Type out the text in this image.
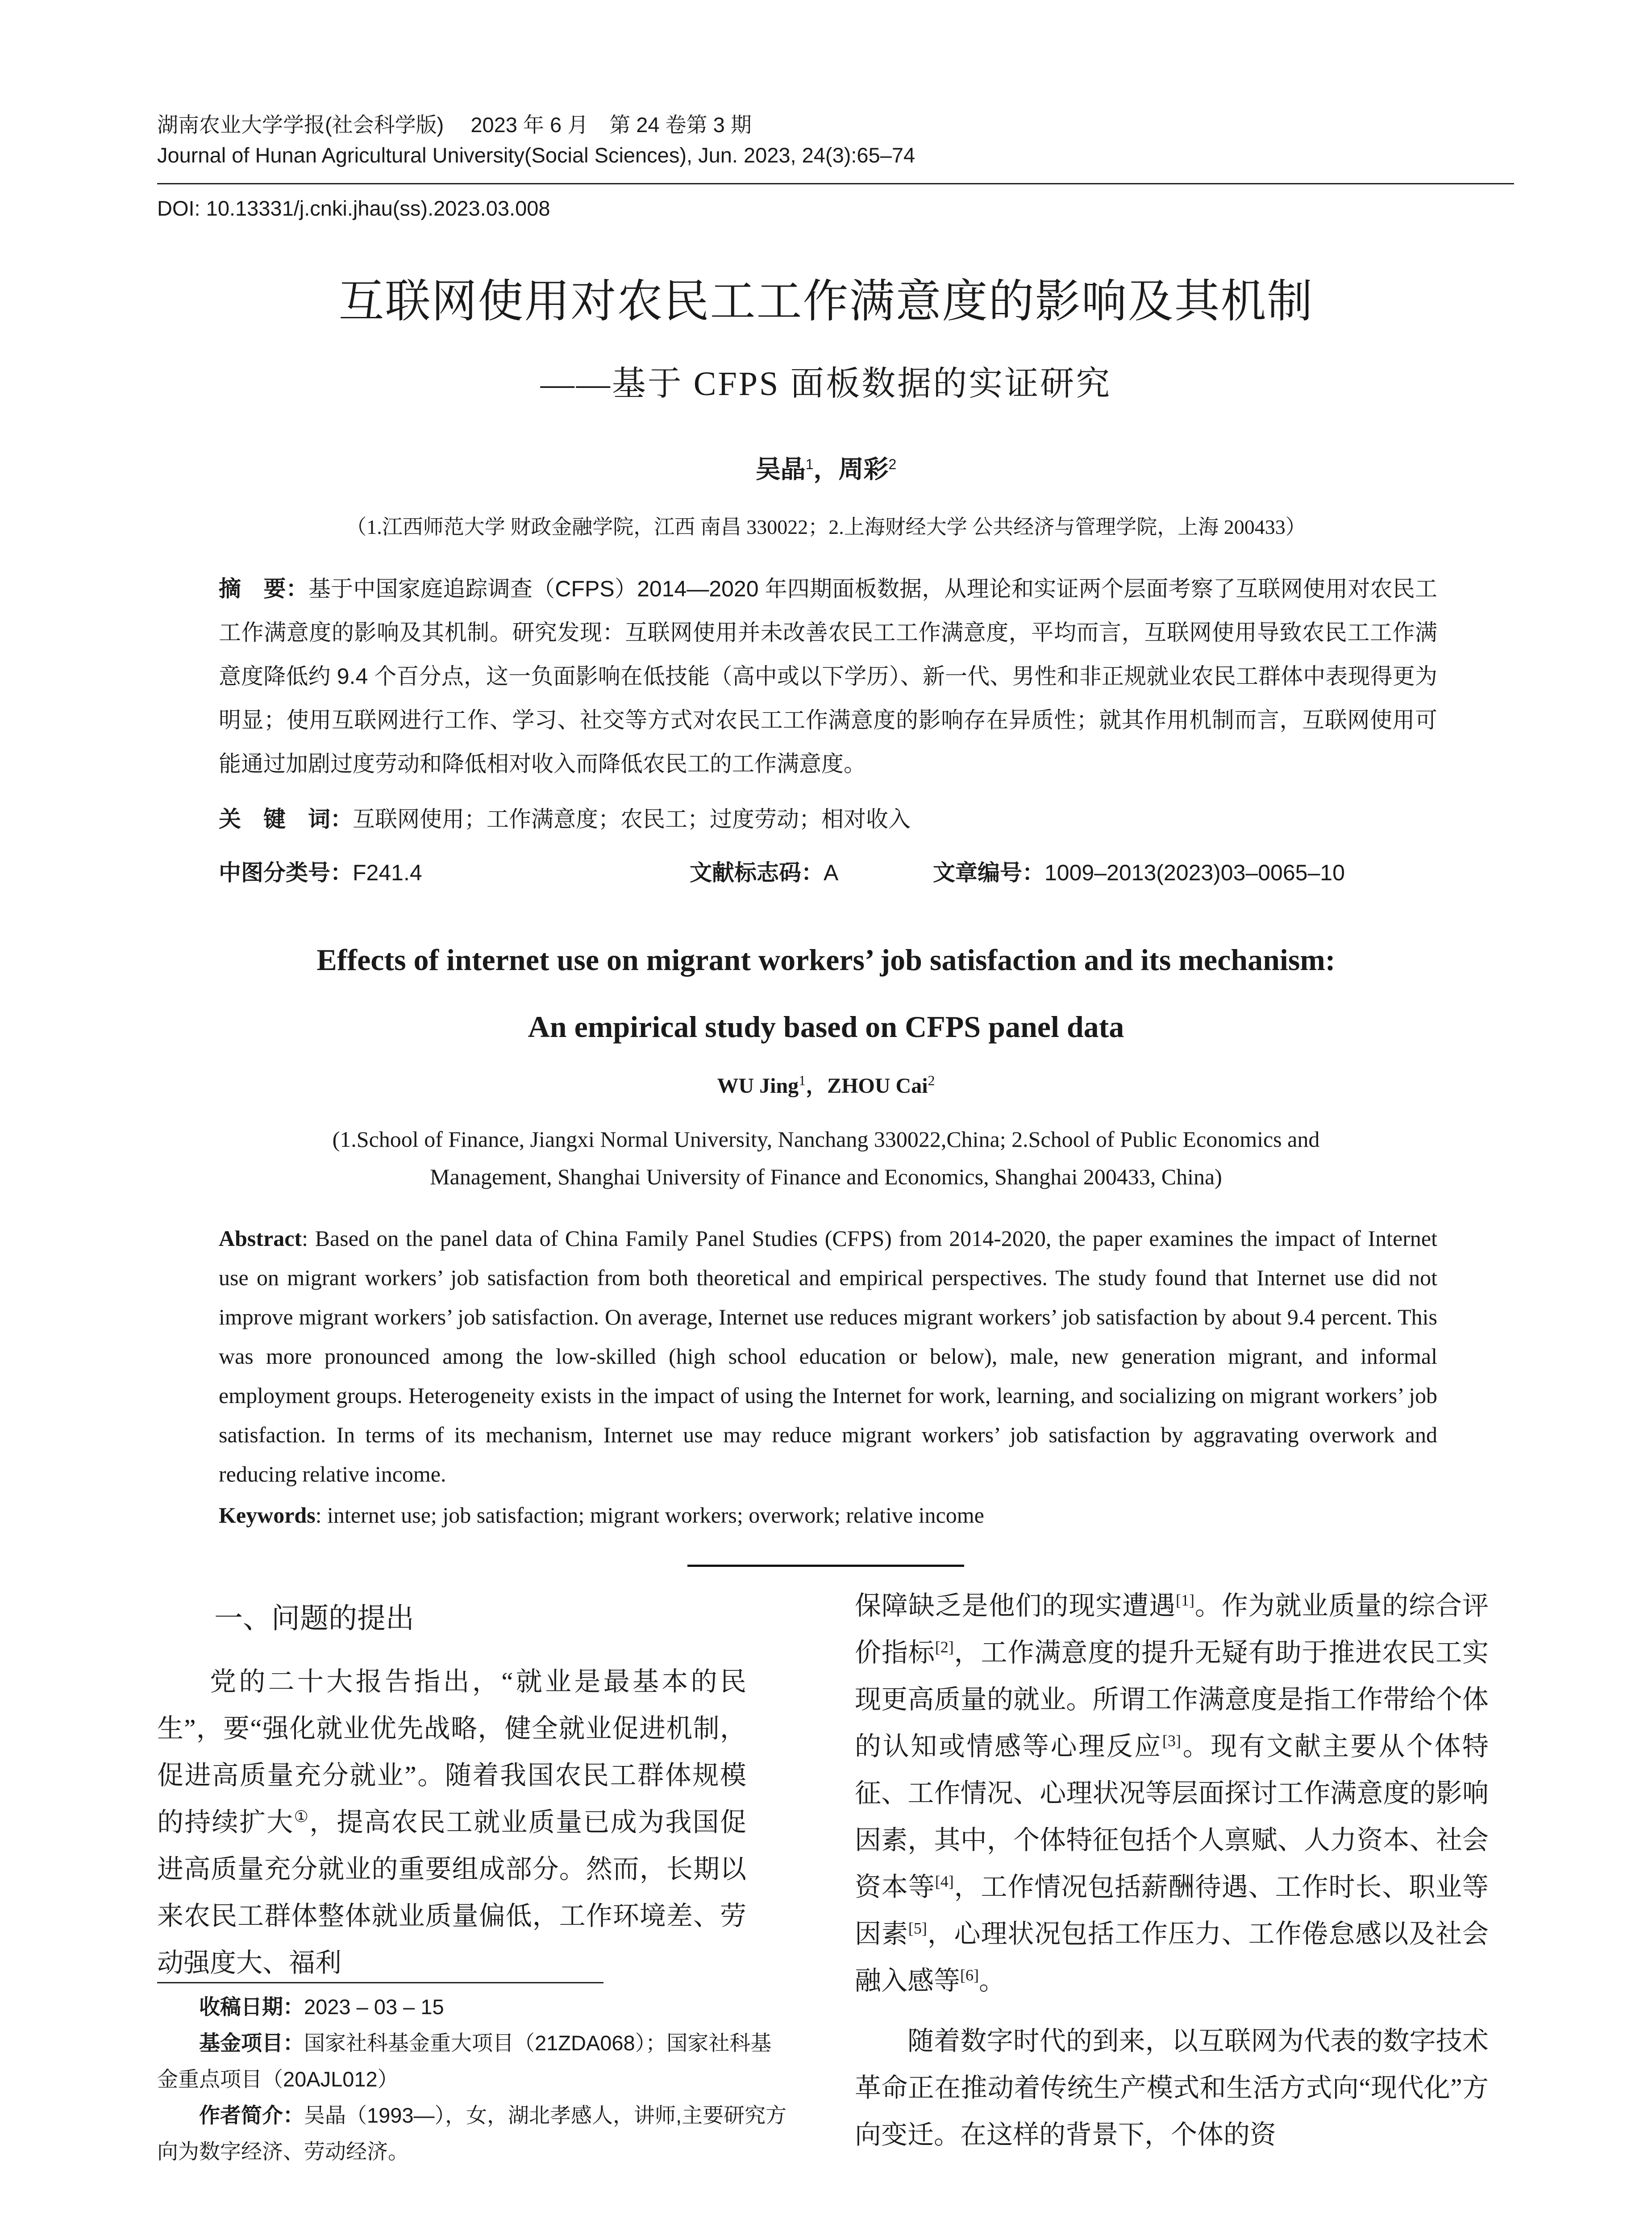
湖南农业大学学报(社会科学版)　 2023 年 6 月　第 24 卷第 3 期
Journal of Hunan Agricultural University(Social Sciences), Jun. 2023, 24(3):65–74
DOI: 10.13331/j.cnki.jhau(ss).2023.03.008
互联网使用对农民工工作满意度的影响及其机制
——基于 CFPS 面板数据的实证研究
吴晶$^1$，周彩$^2$
（1.江西师范大学 财政金融学院，江西 南昌 330022；2.上海财经大学 公共经济与管理学院，上海 200433）
摘　要：基于中国家庭追踪调查（CFPS）2014—2020 年四期面板数据，从理论和实证两个层面考察了互联网使用对农民工工作满意度的影响及其机制。研究发现：互联网使用并未改善农民工工作满意度，平均而言，互联网使用导致农民工工作满意度降低约 9.4 个百分点，这一负面影响在低技能（高中或以下学历）、新一代、男性和非正规就业农民工群体中表现得更为明显；使用互联网进行工作、学习、社交等方式对农民工工作满意度的影响存在异质性；就其作用机制而言，互联网使用可能通过加剧过度劳动和降低相对收入而降低农民工的工作满意度。
关　键　词：互联网使用；工作满意度；农民工；过度劳动；相对收入
中图分类号：F241.4	文献标志码：A	文章编号：1009–2013(2023)03–0065–10
Effects of internet use on migrant workers’ job satisfaction and its mechanism:
An empirical study based on CFPS panel data
WU Jing$^1$，ZHOU Cai$^2$
(1.School of Finance, Jiangxi Normal University, Nanchang 330022,China; 2.School of Public Economics and
Management, Shanghai University of Finance and Economics, Shanghai 200433, China)
Abstract: Based on the panel data of China Family Panel Studies (CFPS) from 2014-2020, the paper examines the impact of Internet use on migrant workers’ job satisfaction from both theoretical and empirical perspectives. The study found that Internet use did not improve migrant workers’ job satisfaction. On average, Internet use reduces migrant workers’ job satisfaction by about 9.4 percent. This was more pronounced among the low-skilled (high school education or below), male, new generation migrant, and informal employment groups. Heterogeneity exists in the impact of using the Internet for work, learning, and socializing on migrant workers’ job satisfaction. In terms of its mechanism, Internet use may reduce migrant workers’ job satisfaction by aggravating overwork and reducing relative income.
Keywords: internet use; job satisfaction; migrant workers; overwork; relative income
一、问题的提出

党的二十大报告指出，“就业是最基本的民生”，要“强化就业优先战略，健全就业促进机制，促进高质量充分就业”。随着我国农民工群体规模的持续扩大①，提高农民工就业质量已成为我国促进高质量充分就业的重要组成部分。然而，长期以来农民工群体整体就业质量偏低，工作环境差、劳动强度大、福利

保障缺乏是他们的现实遭遇[1]。作为就业质量的综合评价指标[2]，工作满意度的提升无疑有助于推进农民工实现更高质量的就业。所谓工作满意度是指工作带给个体的认知或情感等心理反应[3]。现有文献主要从个体特征、工作情况、心理状况等层面探讨工作满意度的影响因素，其中，个体特征包括个人禀赋、人力资本、社会资本等[4]，工作情况包括薪酬待遇、工作时长、职业等因素[5]，心理状况包括工作压力、工作倦怠感以及社会融入感等[6]。

随着数字时代的到来，以互联网为代表的数字技术革命正在推动着传统生产模式和生活方式向“现代化”方向变迁。在这样的背景下，个体的资

收稿日期：2023 – 03 – 15

基金项目：国家社科基金重大项目（21ZDA068）；国家社科基金重点项目（20AJL012）

作者简介：吴晶（1993—），女，湖北孝感人，讲师,主要研究方向为数字经济、劳动经济。
